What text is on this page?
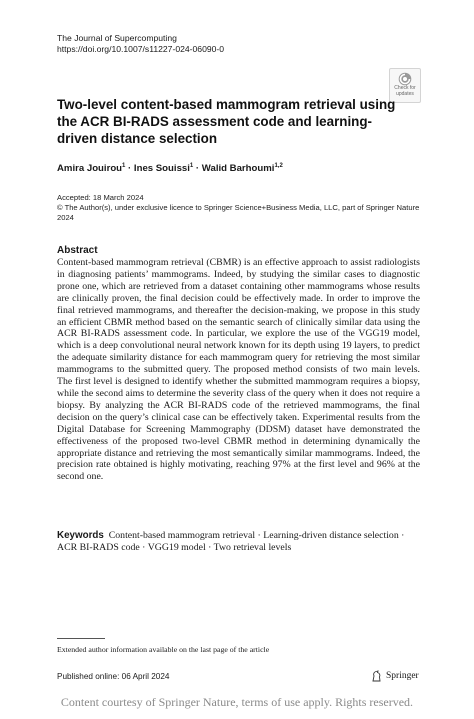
The Journal of Supercomputing
https://doi.org/10.1007/s11227-024-06090-0
Check for
updates
Two-level content-based mammogram retrieval using the ACR BI-RADS assessment code and learning-driven distance selection
Amira Jouirou$^1$ · Ines Souissi$^1$ · Walid Barhoumi$^{1,2}$
Accepted: 18 March 2024
© The Author(s), under exclusive licence to Springer Science+Business Media, LLC, part of Springer Nature 2024
Abstract
Content-based mammogram retrieval (CBMR) is an effective approach to assist radiologists in diagnosing patients’ mammograms. Indeed, by studying the similar cases to diagnostic prone one, which are retrieved from a dataset containing other mammograms whose results are clinically proven, the final decision could be effectively made. In order to improve the final retrieved mammograms, and thereafter the decision-making, we propose in this study an efficient CBMR method based on the semantic search of clinically similar data using the ACR BI-RADS assessment code. In particular, we explore the use of the VGG19 model, which is a deep convolutional neural network known for its depth using 19 layers, to predict the adequate similarity distance for each mammogram query for retrieving the most similar mammograms to the submitted query. The proposed method consists of two main levels. The first level is designed to identify whether the submitted mammogram requires a biopsy, while the second aims to determine the severity class of the query when it does not require a biopsy. By analyzing the ACR BI-RADS code of the retrieved mammograms, the final decision on the query’s clinical case can be effectively taken. Experimental results from the Digital Database for Screening Mammography (DDSM) dataset have demonstrated the effectiveness of the proposed two-level CBMR method in determining dynamically the appropriate distance and retrieving the most semantically similar mammograms. Indeed, the precision rate obtained is highly motivating, reaching 97% at the first level and 96% at the second one.
Keywords Content-based mammogram retrieval · Learning-driven distance selection · ACR BI-RADS code · VGG19 model · Two retrieval levels
Extended author information available on the last page of the article
Published online: 06 April 2024	Springer
Content courtesy of Springer Nature, terms of use apply. Rights reserved.
